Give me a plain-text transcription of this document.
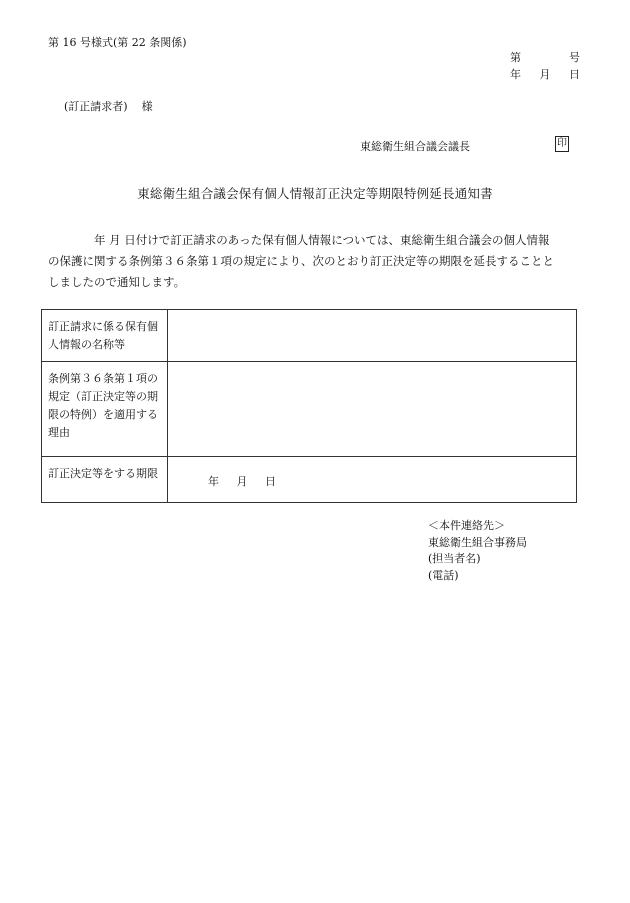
第 16 号様式(第 22 条関係)
第	号
年 月 日
(訂正請求者) 様
東総衛生組合議会議長	印
東総衛生組合議会保有個人情報訂正決定等期限特例延長通知書
年 月 日付けで訂正請求のあった保有個人情報については、東総衛生組合議会の個人情報
の保護に関する条例第３６条第１項の規定により、次のとおり訂正決定等の期限を延長することと
しましたので通知します。
訂正請求に係る保有個人情報の名称等	
条例第３６条第１項の規定（訂正決定等の期限の特例）を適用する理由	
訂正決定等をする期限	年     月     日
＜本件連絡先＞
東総衛生組合事務局
(担当者名)
(電話)
